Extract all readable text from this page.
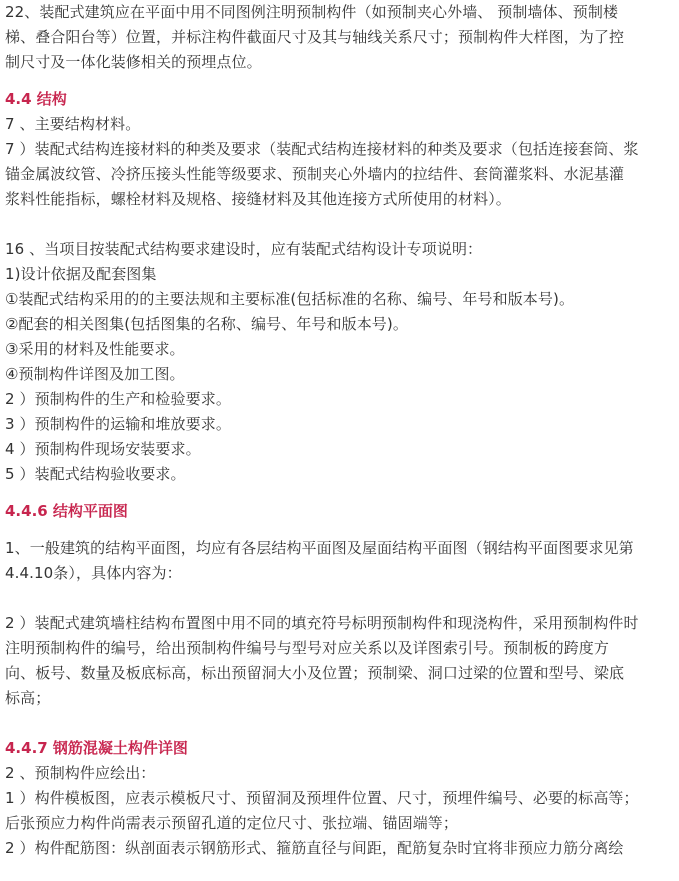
22、装配式建筑应在平面中用不同图例注明预制构件（如预制夹心外墙、 预制墙体、预制楼
梯、叠合阳台等）位置，并标注构件截面尺寸及其与轴线关系尺寸；预制构件大样图，为了控
制尺寸及一体化装修相关的预埋点位。
4.4 结构
7 、主要结构材料。
7 ）装配式结构连接材料的种类及要求（装配式结构连接材料的种类及要求（包括连接套筒、浆
锚金属波纹管、冷挤压接头性能等级要求、预制夹心外墙内的拉结件、套筒灌浆料、水泥基灌
浆料性能指标，螺栓材料及规格、接缝材料及其他连接方式所使用的材料）。
16 、当项目按装配式结构要求建设时，应有装配式结构设计专项说明：
1)设计依据及配套图集
①装配式结构采用的的主要法规和主要标准(包括标准的名称、编号、年号和版本号)。
②配套的相关图集(包括图集的名称、编号、年号和版本号)。
③采用的材料及性能要求。
④预制构件详图及加工图。
2 ）预制构件的生产和检验要求。
3 ）预制构件的运输和堆放要求。
4 ）预制构件现场安装要求。
5 ）装配式结构验收要求。
4.4.6 结构平面图
1、一般建筑的结构平面图，均应有各层结构平面图及屋面结构平面图（钢结构平面图要求见第
4.4.10条），具体内容为：
2 ）装配式建筑墙柱结构布置图中用不同的填充符号标明预制构件和现浇构件，采用预制构件时
注明预制构件的编号，给出预制构件编号与型号对应关系以及详图索引号。预制板的跨度方
向、板号、数量及板底标高，标出预留洞大小及位置；预制梁、洞口过梁的位置和型号、梁底
标高；
4.4.7 钢筋混凝土构件详图
2 、预制构件应绘出：
1 ）构件模板图，应表示模板尺寸、预留洞及预埋件位置、尺寸，预埋件编号、必要的标高等；
后张预应力构件尚需表示预留孔道的定位尺寸、张拉端、锚固端等；
2 ）构件配筋图：纵剖面表示钢筋形式、箍筋直径与间距，配筋复杂时宜将非预应力筋分离绘
